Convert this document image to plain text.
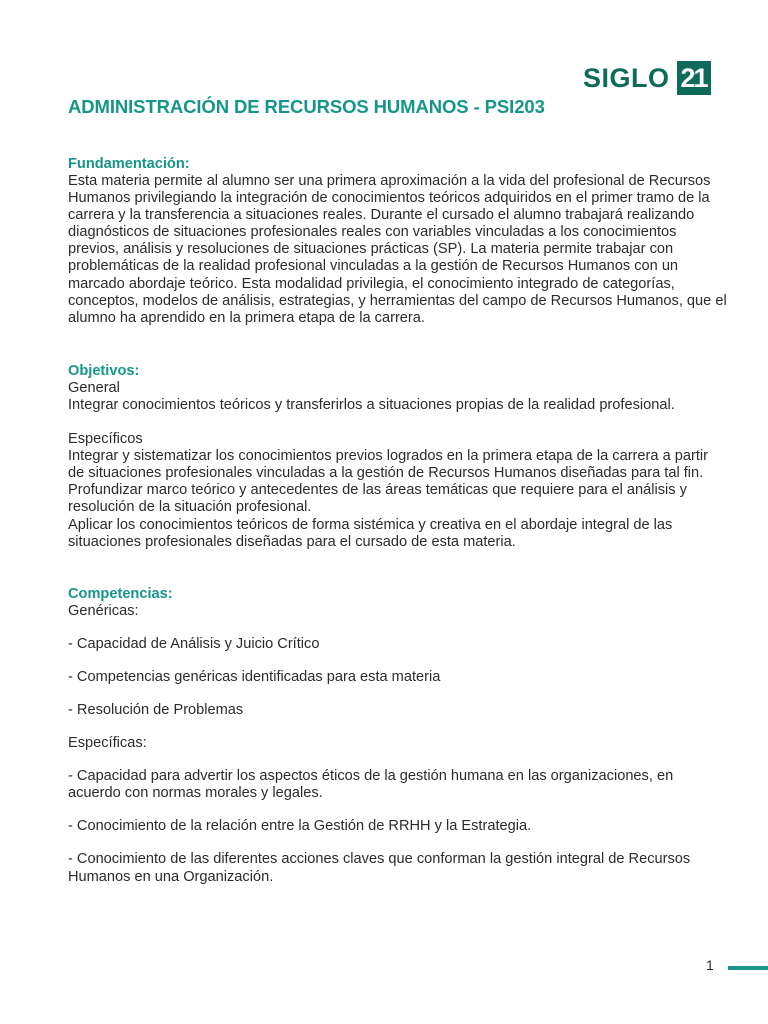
SIGLO 21
ADMINISTRACIÓN DE RECURSOS HUMANOS - PSI203
Fundamentación:

Esta materia permite al alumno ser una primera aproximación a la vida del profesional de Recursos Humanos privilegiando la integración de conocimientos teóricos adquiridos en el primer tramo de la carrera y la transferencia a situaciones reales. Durante el cursado el alumno trabajará realizando diagnósticos de situaciones profesionales reales con variables vinculadas a los conocimientos previos, análisis y resoluciones de situaciones prácticas (SP). La materia permite trabajar con problemáticas de la realidad profesional vinculadas a la gestión de Recursos Humanos con un marcado abordaje teórico. Esta modalidad privilegia, el conocimiento integrado de categorías, conceptos, modelos de análisis, estrategias, y herramientas del campo de Recursos Humanos, que el alumno ha aprendido en la primera etapa de la carrera.

Objetivos:

General

Integrar conocimientos teóricos y transferirlos a situaciones propias de la realidad profesional.

Específicos

Integrar y sistematizar los conocimientos previos logrados en la primera etapa de la carrera a partir de situaciones profesionales vinculadas a la gestión de Recursos Humanos diseñadas para tal fin.

Profundizar marco teórico y antecedentes de las áreas temáticas que requiere para el análisis y resolución de la situación profesional.

Aplicar los conocimientos teóricos de forma sistémica y creativa en el abordaje integral de las situaciones profesionales diseñadas para el cursado de esta materia.

Competencias:

Genéricas:

- Capacidad de Análisis y Juicio Crítico

- Competencias genéricas identificadas para esta materia

- Resolución de Problemas

Específicas:

- Capacidad para advertir los aspectos éticos de la gestión humana en las organizaciones, en acuerdo con normas morales y legales.

- Conocimiento de la relación entre la Gestión de RRHH y la Estrategia.

- Conocimiento de las diferentes acciones claves que conforman la gestión integral de Recursos Humanos en una Organización.

1
